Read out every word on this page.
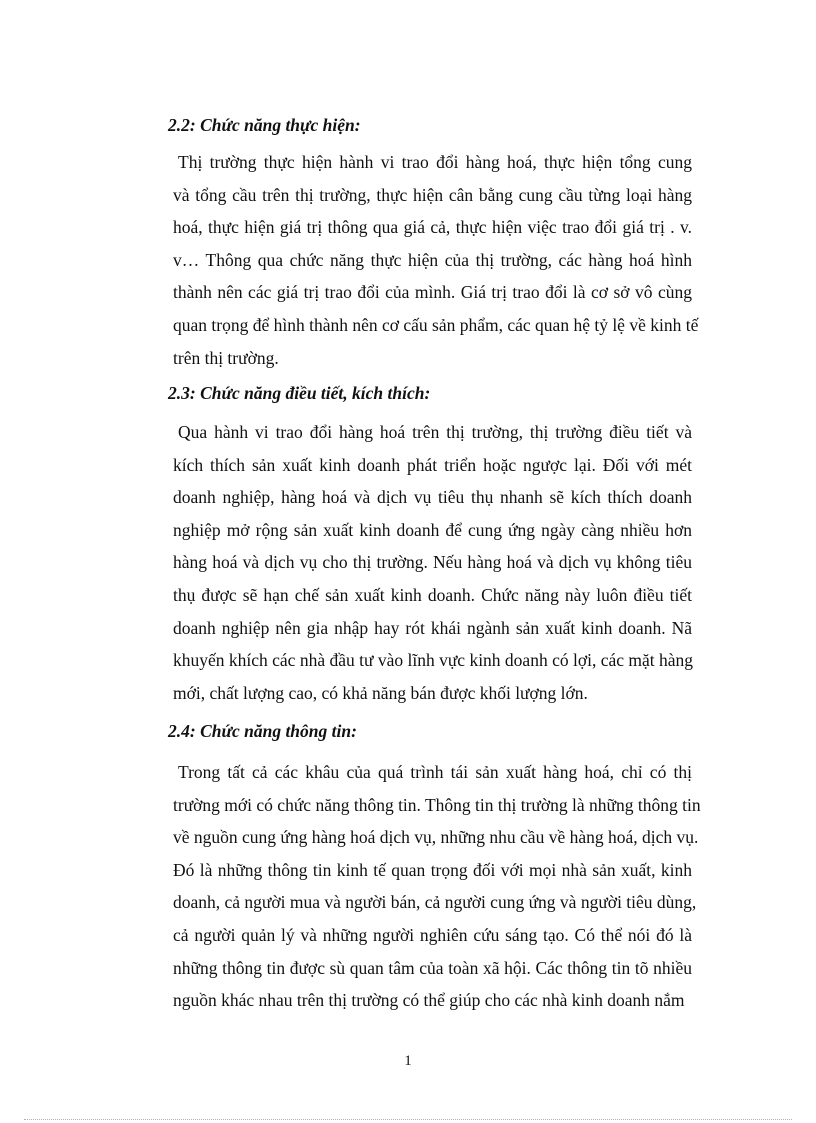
2.2: Chức năng thực hiện:
Thị trường thực hiện hành vi trao đổi hàng hoá, thực hiện tổng cung
và tổng cầu trên thị trường, thực hiện cân bằng cung cầu từng loại hàng
hoá, thực hiện giá trị thông qua giá cả, thực hiện việc trao đổi giá trị . v.
v… Thông qua chức năng thực hiện của thị trường, các hàng hoá hình
thành nên các giá trị trao đổi của mình. Giá trị trao đổi là cơ sở vô cùng
quan trọng để hình thành nên cơ cấu sản phẩm, các quan hệ tỷ lệ về kinh tế
trên thị trường.
2.3: Chức năng điều tiết, kích thích:
Qua hành vi trao đổi hàng hoá trên thị trường, thị trường điều tiết và
kích thích sản xuất kinh doanh phát triển hoặc ngược lại. Đối với mét
doanh nghiệp, hàng hoá và dịch vụ tiêu thụ nhanh sẽ kích thích doanh
nghiệp mở rộng sản xuất kinh doanh để cung ứng ngày càng nhiều hơn
hàng hoá và dịch vụ cho thị trường. Nếu hàng hoá và dịch vụ không tiêu
thụ được sẽ hạn chế sản xuất kinh doanh. Chức năng này luôn điều tiết
doanh nghiệp nên gia nhập hay rót khái ngành sản xuất kinh doanh. Nã
khuyến khích các nhà đầu tư vào lĩnh vực kinh doanh có lợi, các mặt hàng
mới, chất lượng cao, có khả năng bán được khối lượng lớn.
2.4: Chức năng thông tin:
Trong tất cả các khâu của quá trình tái sản xuất hàng hoá, chỉ có thị
trường mới có chức năng thông tin. Thông tin thị trường là những thông tin
về nguồn cung ứng hàng hoá dịch vụ, những nhu cầu về hàng hoá, dịch vụ.
Đó là những thông tin kinh tế quan trọng đối với mọi nhà sản xuất, kinh
doanh, cả người mua và người bán, cả người cung ứng và người tiêu dùng,
cả người quản lý và những người nghiên cứu sáng tạo. Có thể nói đó là
những thông tin được sù quan tâm của toàn xã hội. Các thông tin tõ nhiều
nguồn khác nhau trên thị trường có thể giúp cho các nhà kinh doanh nắm
1
